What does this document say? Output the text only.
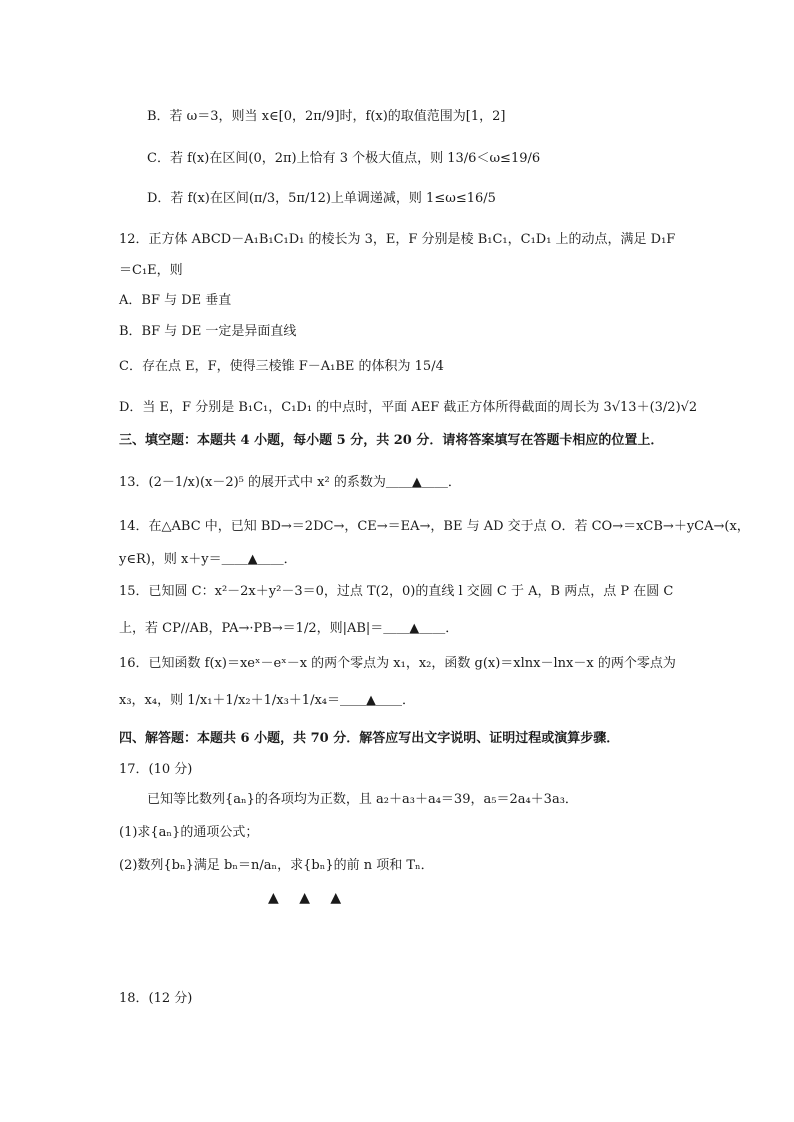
B．若 ω＝3，则当 x∈[0，2π/9]时，f(x)的取值范围为[1，2]
C．若 f(x)在区间(0，2π)上恰有 3 个极大值点，则 13/6＜ω≤19/6
D．若 f(x)在区间(π/3，5π/12)上单调递减，则 1≤ω≤16/5
12．正方体 ABCD－A₁B₁C₁D₁ 的棱长为 3，E，F 分别是棱 B₁C₁，C₁D₁ 上的动点，满足 D₁F
＝C₁E，则
A．BF 与 DE 垂直
B．BF 与 DE 一定是异面直线
C．存在点 E，F，使得三棱锥 F－A₁BE 的体积为 15/4
D．当 E，F 分别是 B₁C₁，C₁D₁ 的中点时，平面 AEF 截正方体所得截面的周长为 3√13＋(3/2)√2
三、填空题：本题共 4 小题，每小题 5 分，共 20 分．请将答案填写在答题卡相应的位置上．
13．(2－1/x)(x－2)⁵ 的展开式中 x² 的系数为＿＿▲＿＿．
14．在△ABC 中，已知 BD→＝2DC→，CE→＝EA→，BE 与 AD 交于点 O．若 CO→＝xCB→＋yCA→(x，
y∈R)，则 x＋y＝＿＿▲＿＿．
15．已知圆 C：x²－2x＋y²－3＝0，过点 T(2，0)的直线 l 交圆 C 于 A，B 两点，点 P 在圆 C
上，若 CP//AB，PA→·PB→＝1/2，则|AB|＝＿＿▲＿＿．
16．已知函数 f(x)＝xeˣ－eˣ－x 的两个零点为 x₁，x₂，函数 g(x)＝xlnx－lnx－x 的两个零点为
x₃，x₄，则 1/x₁＋1/x₂＋1/x₃＋1/x₄＝＿＿▲＿＿．
四、解答题：本题共 6 小题，共 70 分．解答应写出文字说明、证明过程或演算步骤．
17．(10 分)
已知等比数列{aₙ}的各项均为正数，且 a₂＋a₃＋a₄＝39，a₅＝2a₄＋3a₃．
(1)求{aₙ}的通项公式；
(2)数列{bₙ}满足 bₙ＝n/aₙ，求{bₙ}的前 n 项和 Tₙ．
▲ ▲ ▲
18．(12 分)
